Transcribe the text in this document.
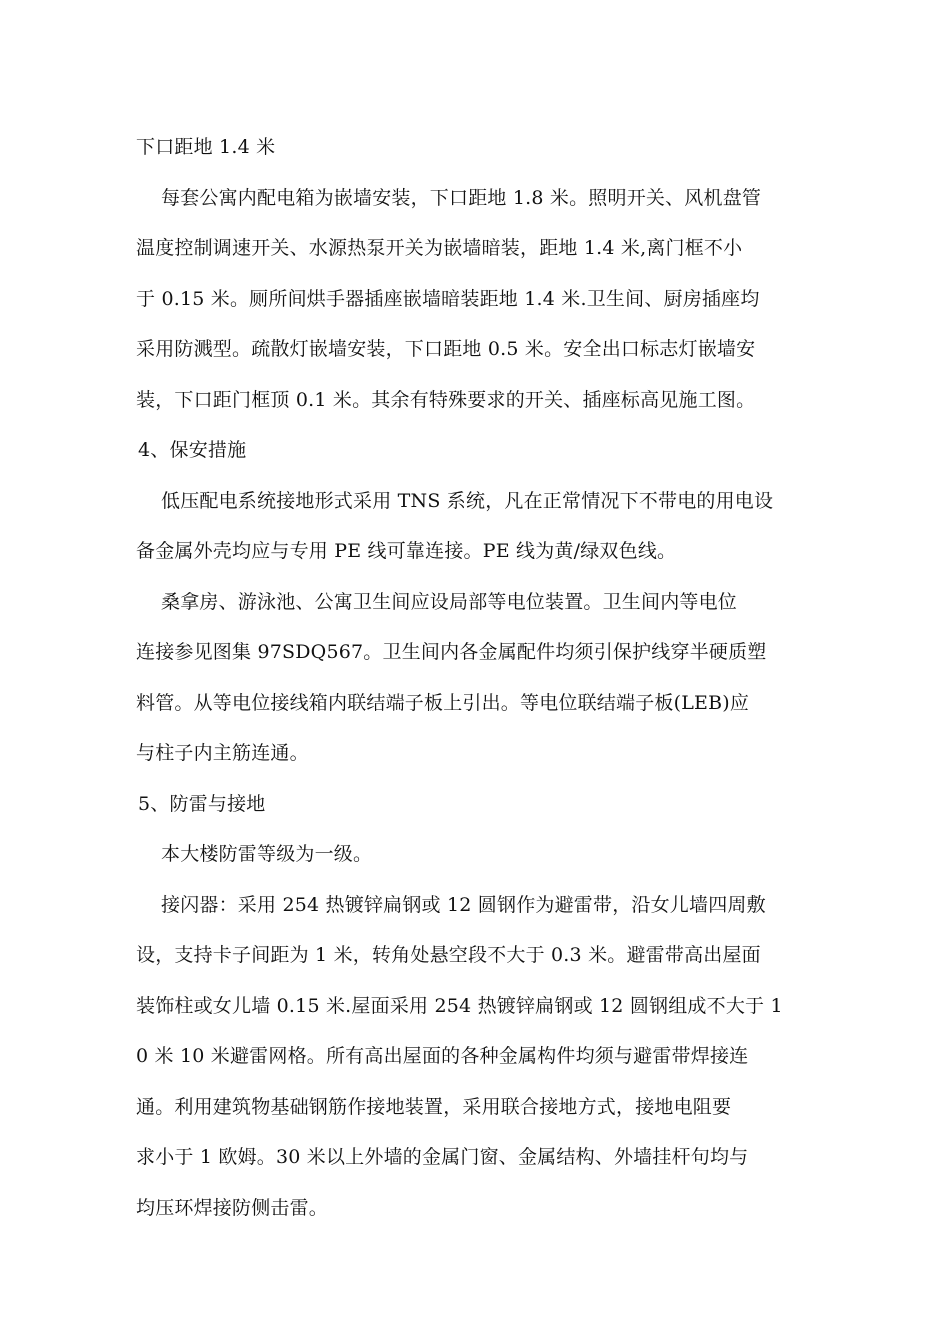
下口距地 1.4 米
每套公寓内配电箱为嵌墙安装，下口距地 1.8 米。照明开关、风机盘管
温度控制调速开关、水源热泵开关为嵌墙暗装，距地 1.4 米,离门框不小
于 0.15 米。厕所间烘手器插座嵌墙暗装距地 1.4 米.卫生间、厨房插座均
采用防溅型。疏散灯嵌墙安装，下口距地 0.5 米。安全出口标志灯嵌墙安
装，下口距门框顶 0.1 米。其余有特殊要求的开关、插座标高见施工图。
4、保安措施
低压配电系统接地形式采用 TNS 系统，凡在正常情况下不带电的用电设
备金属外壳均应与专用 PE 线可靠连接。PE 线为黄/绿双色线。
桑拿房、游泳池、公寓卫生间应设局部等电位装置。卫生间内等电位
连接参见图集 97SDQ567。卫生间内各金属配件均须引保护线穿半硬质塑
料管。从等电位接线箱内联结端子板上引出。等电位联结端子板(LEB)应
与柱子内主筋连通。
5、防雷与接地
本大楼防雷等级为一级。
接闪器：采用 254 热镀锌扁钢或 12 圆钢作为避雷带，沿女儿墙四周敷
设，支持卡子间距为 1 米，转角处悬空段不大于 0.3 米。避雷带高出屋面
装饰柱或女儿墙 0.15 米.屋面采用 254 热镀锌扁钢或 12 圆钢组成不大于 1
0 米 10 米避雷网格。所有高出屋面的各种金属构件均须与避雷带焊接连
通。利用建筑物基础钢筋作接地装置，采用联合接地方式，接地电阻要
求小于 1 欧姆。30 米以上外墙的金属门窗、金属结构、外墙挂杆句均与
均压环焊接防侧击雷。
